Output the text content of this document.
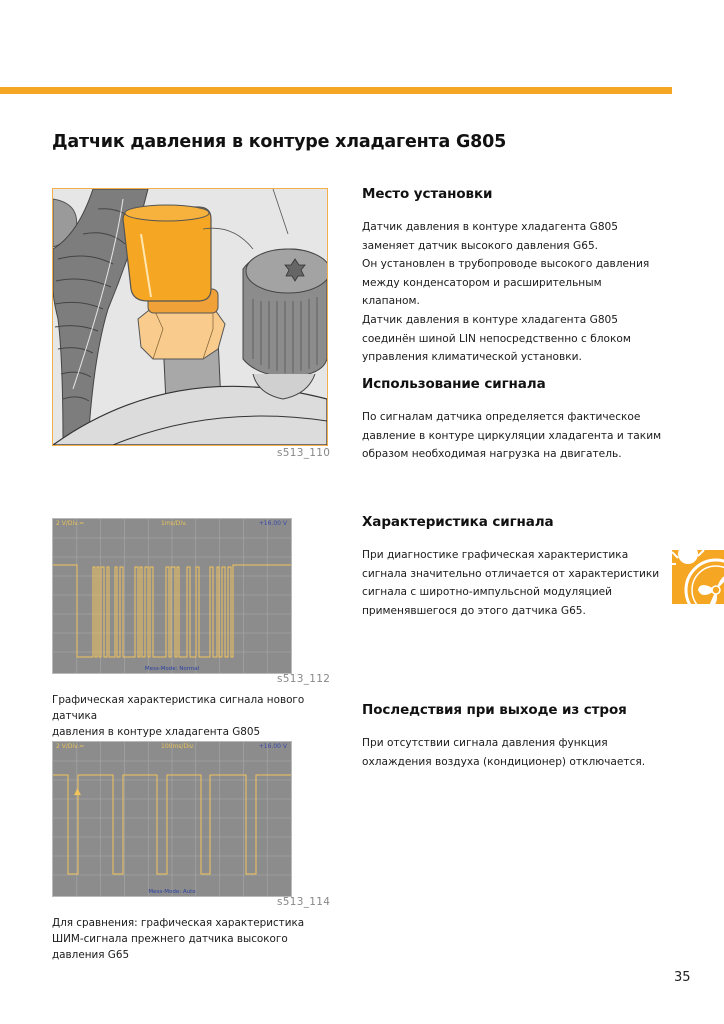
Датчик давления в контуре хладагента G805
s513_110
Место установки

Датчик давления в контуре хладагента G805
заменяет датчик высокого давления G65.
Он установлен в трубопроводе высокого давления
между конденсатором и расширительным клапаном.
Датчик давления в контуре хладагента G805
соединён шиной LIN непосредственно с блоком
управления климатической установки.

Использование сигнала

По сигналам датчика определяется фактическое
давление в контуре циркуляции хладагента и таким
образом необходимая нагрузка на двигатель.

Характеристика сигнала

При диагностике графическая характеристика
сигнала значительно отличается от характеристики
сигнала с широтно-импульсной модуляцией
применявшегося до этого датчика G65.

Последствия при выходе из строя

При отсутствии сигнала давления функция
охлаждения воздуха (кондиционер) отключается.

2 V/Div.=	1ms/Div.	+16.00 V
Mess-Mode: Normal
s513_112
Графическая характеристика сигнала нового датчика
давления в контуре хладагента G805
▲
2 V/Div.=	100ms/Div.	+16.00 V
Mess-Mode: Auto
s513_114
Для сравнения: графическая характеристика
ШИМ-сигнала прежнего датчика высокого давления G65
35
